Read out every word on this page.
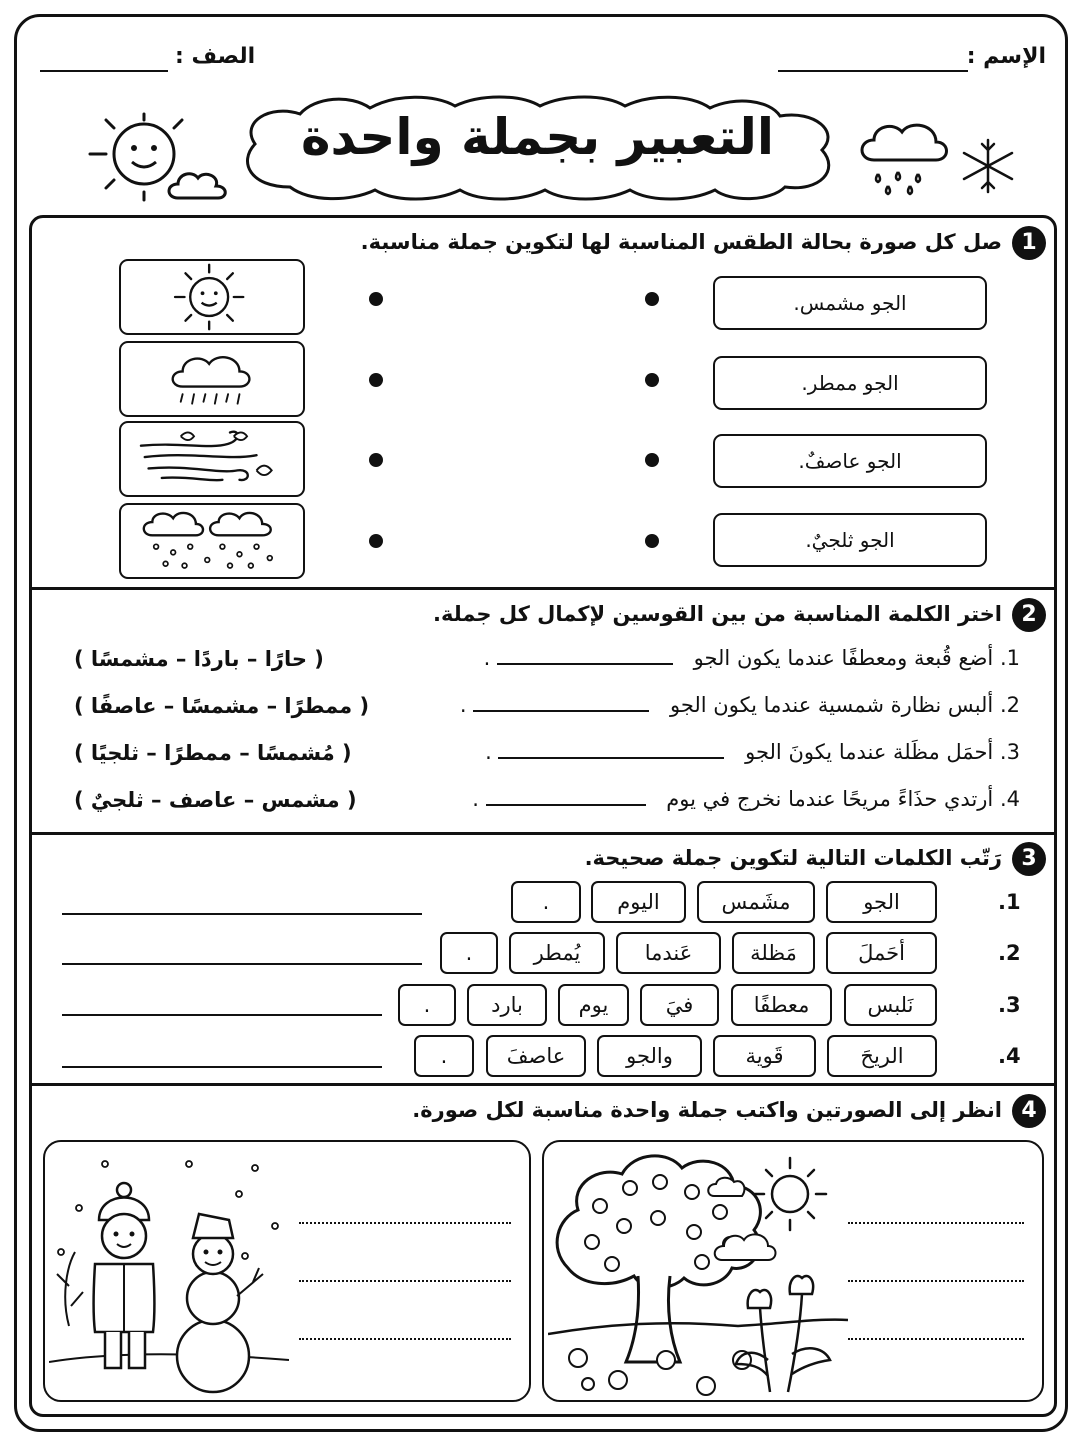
الإسم :
الصف :
التعبير بجملة واحدة
1
صل كل صورة بحالة الطقس المناسبة لها لتكوين جملة مناسبة.
الجو مشمس.
الجو ممطر.
الجو عاصفٌ.
الجو ثلجيٌ.
2
اختر الكلمة المناسبة من بين القوسين لإكمال كل جملة.
1. أضع قُبعة ومعطفًا عندما يكون الجو  .
2. ألبس نظارة شمسية عندما يكون الجو  .
3. أحمَل مظَلة عندما يكونَ الجو  .
4. أرتدي حذَاءً مريحًا عندما نخرج في يوم  .
( حارًا – باردًا – مشمسًا )
( ممطرًا – مشمسًا – عاصفًا )
( مُشمسًا – ممطرًا – ثلجيًا )
( مشمس – عاصف – ثلجيٌ )
3
رَتّب الكلمات التالية لتكوين جملة صحيحة.
1.
الجو
مشَمس
اليوم
.
2.
أحَملَ
مَظلة
عَندما
يُمطر
.
3.
نَلبس
معطفًا
فيَ
يوم
بارد
.
4.
الريحَ
قَوية
والجو
عاصفَ
.
4
انظر إلى الصورتين واكتب جملة واحدة مناسبة لكل صورة.
